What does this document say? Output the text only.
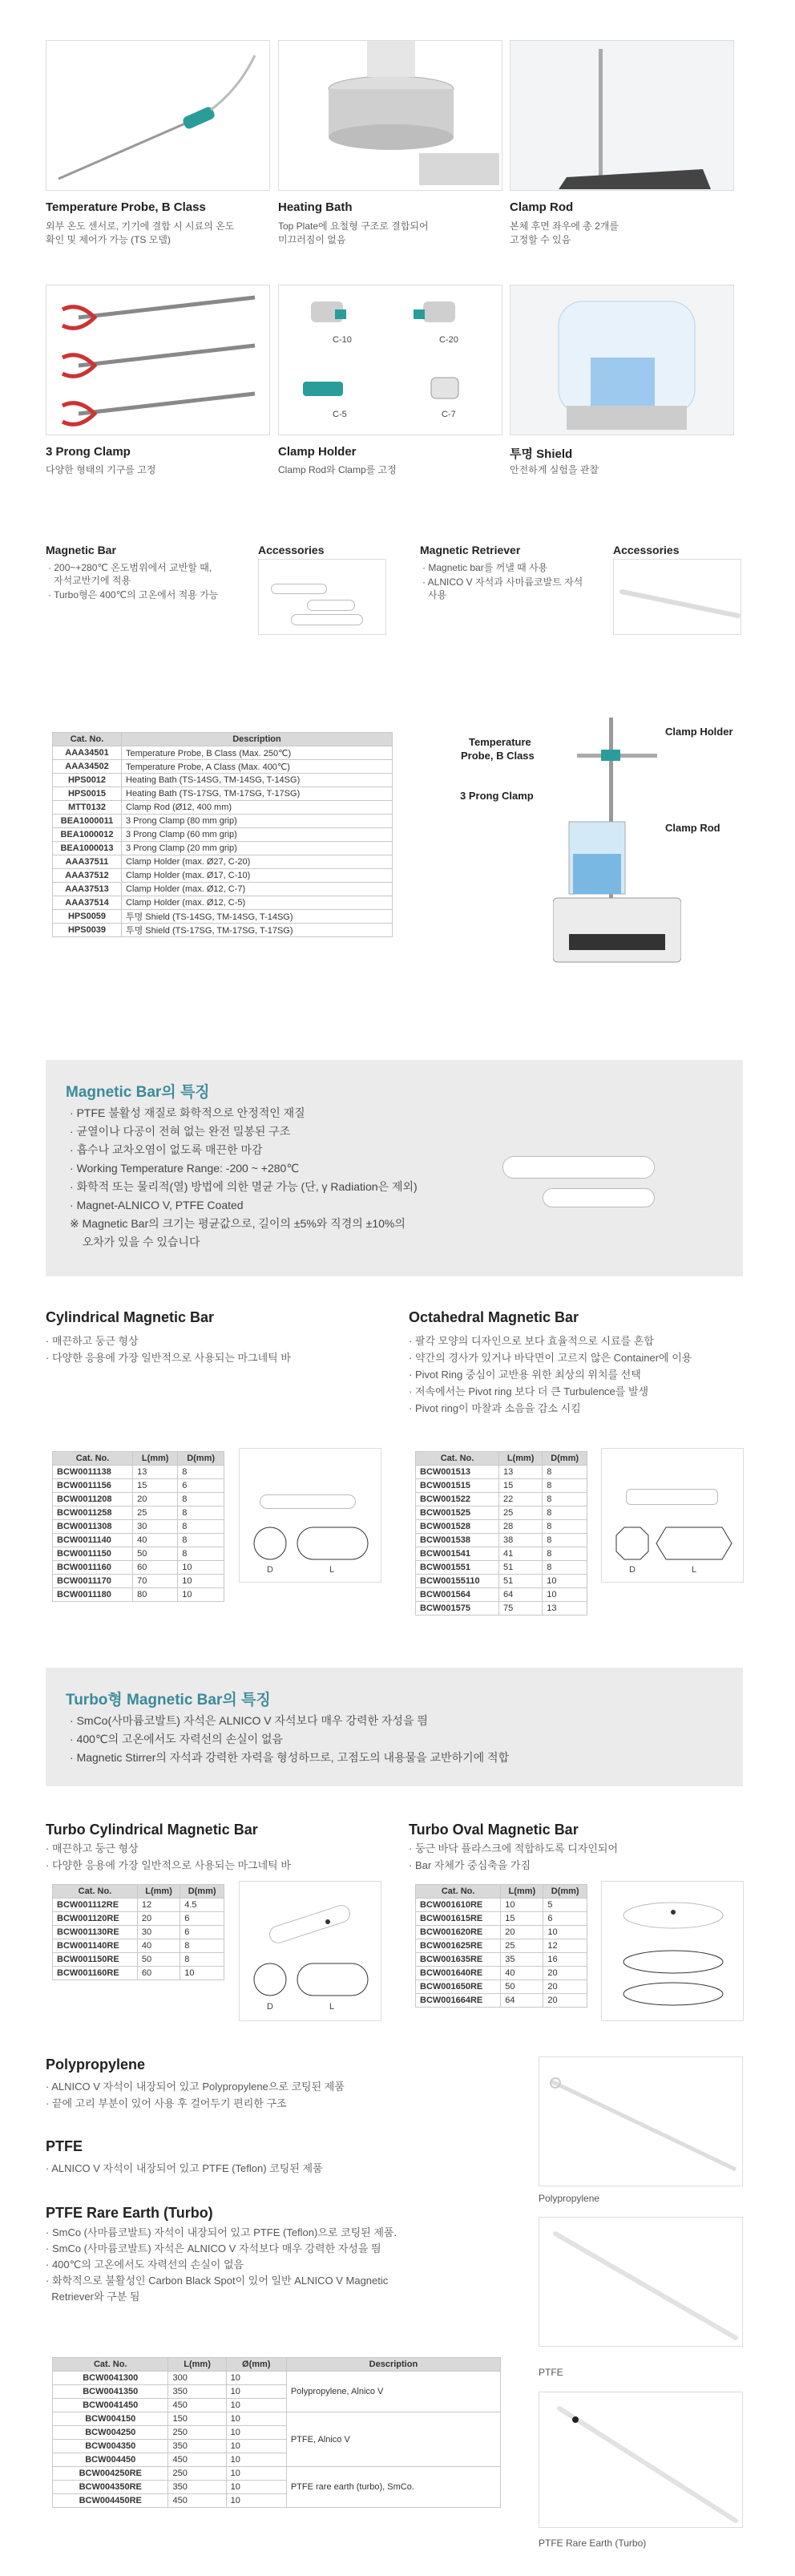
Temperature Probe, B Class
외부 온도 센서로, 기기에 결합 시 시료의 온도
확인 및 제어가 가능 (TS 모델)
Heating Bath
Top Plate에 요철형 구조로 결합되어
미끄러짐이 없음
Clamp Rod
본체 후면 좌우에 총 2개를
고정할 수 있음
C-10	C-20
C-5	C-7
3 Prong Clamp
다양한 형태의 기구를 고정
Clamp Holder
Clamp Rod와 Clamp를 고정
투명 Shield
안전하게 실험을 관찰
Magnetic Bar
· 200~+280℃ 온도범위에서 교반할 때,
자석교반기에 적용
· Turbo형은 400℃의 고온에서 적용 가능
Accessories	Magnetic Retriever
· Magnetic bar를 꺼낼 때 사용
· ALNICO V 자석과 사마륨코발트 자석
사용
Accessories
Cat. No.	Description
AAA34501	Temperature Probe, B Class (Max. 250℃)
AAA34502	Temperature Probe, A Class (Max. 400℃)
HPS0012	Heating Bath (TS-14SG, TM-14SG, T-14SG)
HPS0015	Heating Bath (TS-17SG, TM-17SG, T-17SG)
MTT0132	Clamp Rod (Ø12, 400 mm)
BEA1000011	3 Prong Clamp (80 mm grip)
BEA1000012	3 Prong Clamp (60 mm grip)
BEA1000013	3 Prong Clamp (20 mm grip)
AAA37511	Clamp Holder (max. Ø27, C-20)
AAA37512	Clamp Holder (max. Ø17, C-10)
AAA37513	Clamp Holder (max. Ø12, C-7)
AAA37514	Clamp Holder (max. Ø12, C-5)
HPS0059	투명 Shield (TS-14SG, TM-14SG, T-14SG)
HPS0039	투명 Shield (TS-17SG, TM-17SG, T-17SG)
Temperature
Probe, B Class
Clamp Holder
3 Prong Clamp
Clamp Rod
Magnetic Bar의 특징
· PTFE 불활성 재질로 화학적으로 안정적인 재질
· 균열이나 다공이 전혀 없는 완전 밀봉된 구조
· 흡수나 교차오염이 없도록 매끈한 마감
· Working Temperature Range: -200 ~ +280℃
· 화학적 또는 물리적(열) 방법에 의한 멸균 가능 (단, γ Radiation은 제외)
· Magnet-ALNICO V, PTFE Coated
※ Magnetic Bar의 크기는 평균값으로, 길이의 ±5%와 직경의 ±10%의
오차가 있을 수 있습니다
Cylindrical Magnetic Bar
· 매끈하고 둥근 형상
· 다양한 응용에 가장 일반적으로 사용되는 마그네틱 바
Octahedral Magnetic Bar
· 팔각 모양의 디자인으로 보다 효율적으로 시료를 혼합
· 약간의 경사가 있거나 바닥면이 고르지 않은 Container에 이용
· Pivot Ring 중심이 교반용 위한 최상의 위치를 선택
· 저속에서는 Pivot ring 보다 더 큰 Turbulence를 발생
· Pivot ring이 마찰과 소음을 감소 시킴
Cat. No.	L(mm)	D(mm)
BCW0011138	13	8
BCW0011156	15	6
BCW0011208	20	8
BCW0011258	25	8
BCW0011308	30	8
BCW0011140	40	8
BCW0011150	50	8
BCW0011160	60	10
BCW0011170	70	10
BCW0011180	80	10
D	L
Cat. No.	L(mm)	D(mm)
BCW001513	13	8
BCW001515	15	8
BCW001522	22	8
BCW001525	25	8
BCW001528	28	8
BCW001538	38	8
BCW001541	41	8
BCW001551	51	8
BCW00155110	51	10
BCW001564	64	10
BCW001575	75	13
D	L
Turbo형 Magnetic Bar의 특징
· SmCo(사마륨코발트) 자석은 ALNICO V 자석보다 매우 강력한 자성을 띔
· 400℃의 고온에서도 자력선의 손실이 없음
· Magnetic Stirrer의 자석과 강력한 자력을 형성하므로, 고점도의 내용물을 교반하기에 적합
Turbo Cylindrical Magnetic Bar
· 매끈하고 둥근 형상
· 다양한 응용에 가장 일반적으로 사용되는 마그네틱 바
Turbo Oval Magnetic Bar
· 둥근 바닥 플라스크에 적합하도록 디자인되어
· Bar 자체가 중심축을 가짐
Cat. No.	L(mm)	D(mm)
BCW001112RE	12	4.5
BCW001120RE	20	6
BCW001130RE	30	6
BCW001140RE	40	8
BCW001150RE	50	8
BCW001160RE	60	10
D	L
Cat. No.	L(mm)	D(mm)
BCW001610RE	10	5
BCW001615RE	15	6
BCW001620RE	20	10
BCW001625RE	25	12
BCW001635RE	35	16
BCW001640RE	40	20
BCW001650RE	50	20
BCW001664RE	64	20
Polypropylene
· ALNICO V 자석이 내장되어 있고 Polypropylene으로 코팅된 제품
· 끝에 고리 부분이 있어 사용 후 걸어두기 편리한 구조
PTFE
· ALNICO V 자석이 내장되어 있고 PTFE (Teflon) 코팅된 제품
PTFE Rare Earth (Turbo)
· SmCo (사마륨코발트) 자석이 내장되어 있고 PTFE (Teflon)으로 코팅된 제품.
· SmCo (사마륨코발트) 자석은 ALNICO V 자석보다 매우 강력한 자성을 띔
· 400℃의 고온에서도 자력선의 손실이 없음
· 화학적으로 불활성인 Carbon Black Spot이 있어 일반 ALNICO V Magnetic
Retriever와 구분 됨
Cat. No.	L(mm)	Ø(mm)	Description
BCW0041300	300	10	Polypropylene, Alnico V
BCW0041350	350	10	
BCW0041450	450	10	
BCW004150	150	10	PTFE, Alnico V
BCW004250	250	10	
BCW004350	350	10	
BCW004450	450	10	
BCW004250RE	250	10	PTFE rare earth (turbo), SmCo.
BCW004350RE	350	10	
BCW004450RE	450	10	
Polypropylene
PTFE
PTFE Rare Earth (Turbo)
